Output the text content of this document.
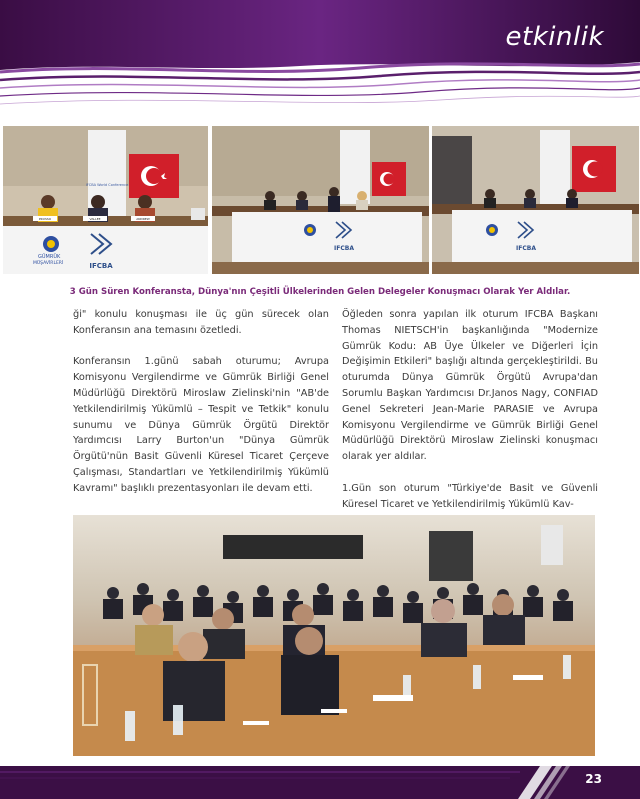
etkinlik
IFCBA World Conference
PRUSSO	VALLEE	ANDREW
GÜMRÜK
MÜŞAVİRLERİ	IFCBA
IFCBA	IFCBA
3 Gün Süren Konferansta, Dünya'nın Çeşitli Ülkelerinden Gelen Delegeler Konuşmacı Olarak Yer Aldılar.

ği" konulu konuşması ile üç gün sürecek olan Konferansın ana temasını özetledi.

Konferansın 1.günü sabah oturumu; Avrupa Komisyonu Vergilendirme ve Gümrük Birliği Genel Müdürlüğü Direktörü Miroslaw Zielinski'nin "AB'de Yetkilendirilmiş Yükümlü – Tespit ve Tetkik" konulu sunumu ve Dünya Gümrük Örgütü Direktör Yardımcısı Larry Burton'un "Dünya Gümrük Örgütü'nün Basit Güvenli Küresel Ticaret Çerçeve Çalışması, Standartları ve Yetkilendirilmiş Yükümlü Kavramı" başlıklı prezentasyonları ile devam etti.

Öğleden sonra yapılan ilk oturum IFCBA Başkanı Thomas NIETSCH'in başkanlığında "Modernize Gümrük Kodu: AB Üye Ülkeler ve Diğerleri İçin Değişimin Etkileri" başlığı altında gerçekleştirildi. Bu oturumda Dünya Gümrük Örgütü Avrupa'dan Sorumlu Başkan Yardımcısı Dr.Janos Nagy, CONFIAD Genel Sekreteri Jean-Marie PARASIE ve Avrupa Komisyonu Vergilendirme ve Gümrük Birliği Genel Müdürlüğü Direktörü Miroslaw Zielinski konuşmacı olarak yer aldılar.

1.Gün son oturum "Türkiye'de Basit ve Güvenli Küresel Ticaret ve Yetkilendirilmiş Yükümlü Kav-

23
